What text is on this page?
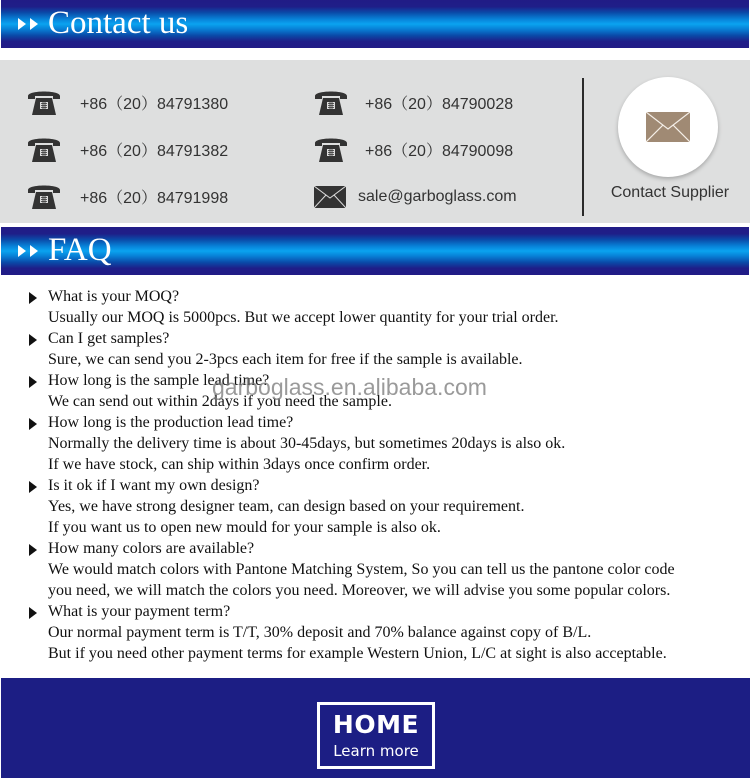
Contact us
+86（20）84791380
+86（20）84791382
+86（20）84791998
+86（20）84790028
+86（20）84790098
sale@garboglass.com	Contact Supplier
FAQ
What is your MOQ?
Usually our MOQ is 5000pcs. But we accept lower quantity for your trial order.
Can I get samples?
Sure, we can send you 2-3pcs each item for free if the sample is available.
How long is the sample lead time?
We can send out within 2days if you need the sample.
How long is the production lead time?
Normally the delivery time is about 30-45days, but sometimes 20days is also ok.
If we have stock, can ship within 3days once confirm order.
Is it ok if I want my own design?
Yes, we have strong designer team, can design based on your requirement.
If you want us to open new mould for your sample is also ok.
How many colors are available?
We would match colors with Pantone Matching System, So you can tell us the pantone color code
you need, we will match the colors you need. Moreover, we will advise you some popular colors.
What is your payment term?
Our normal payment term is T/T, 30% deposit and 70% balance against copy of B/L.
But if you need other payment terms for example Western Union, L/C at sight is also acceptable.
garboglass.en.alibaba.com
HOME
Learn more
